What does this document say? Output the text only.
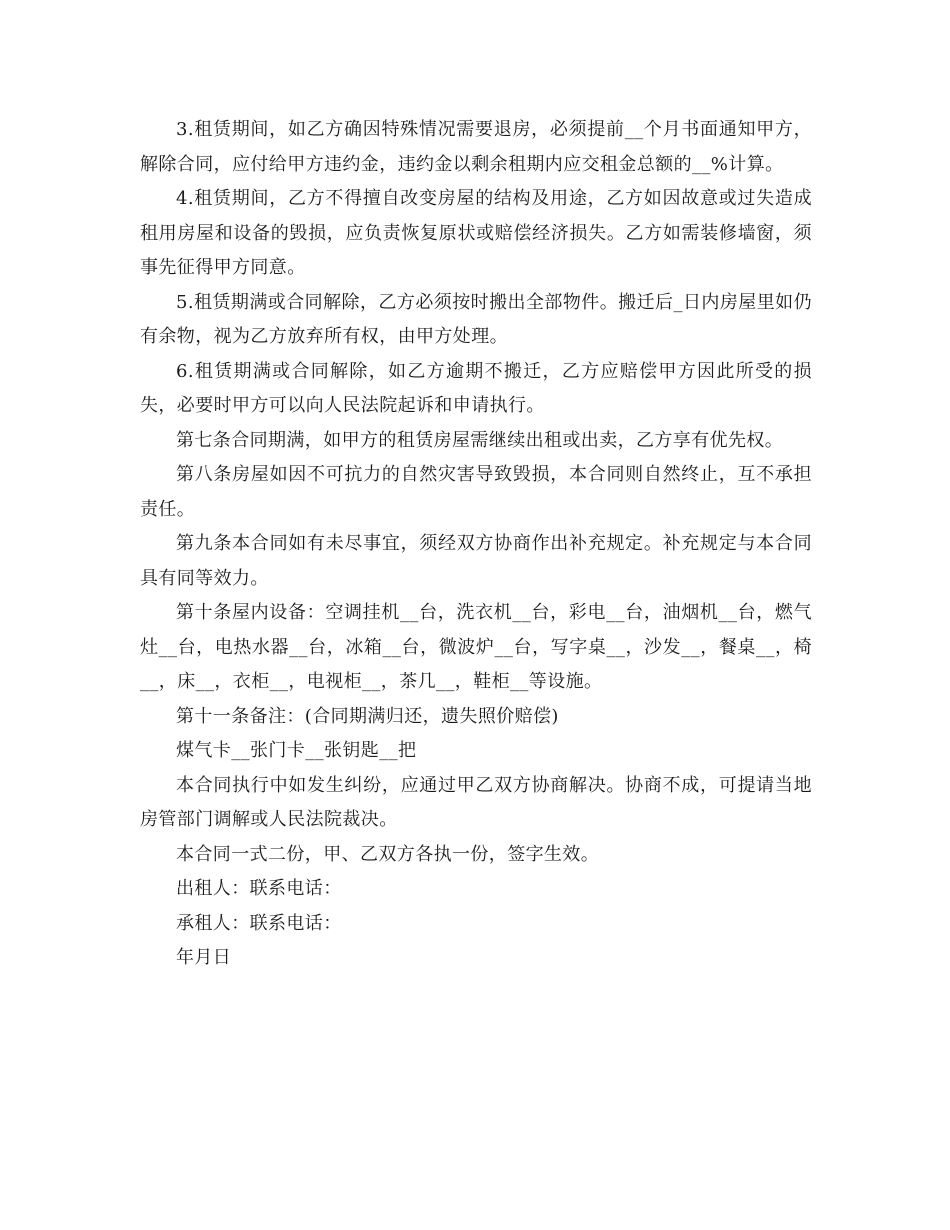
3.租赁期间，如乙方确因特殊情况需要退房，必须提前__个月书面通知甲方，解除合同，应付给甲方违约金，违约金以剩余租期内应交租金总额的__%计算。

4.租赁期间，乙方不得擅自改变房屋的结构及用途，乙方如因故意或过失造成租用房屋和设备的毁损，应负责恢复原状或赔偿经济损失。乙方如需装修墙窗，须事先征得甲方同意。

5.租赁期满或合同解除，乙方必须按时搬出全部物件。搬迁后_日内房屋里如仍有余物，视为乙方放弃所有权，由甲方处理。

6.租赁期满或合同解除，如乙方逾期不搬迁，乙方应赔偿甲方因此所受的损失，必要时甲方可以向人民法院起诉和申请执行。

第七条合同期满，如甲方的租赁房屋需继续出租或出卖，乙方享有优先权。

第八条房屋如因不可抗力的自然灾害导致毁损，本合同则自然终止，互不承担责任。

第九条本合同如有未尽事宜，须经双方协商作出补充规定。补充规定与本合同具有同等效力。

第十条屋内设备：空调挂机__台，洗衣机__台，彩电__台，油烟机__台，燃气灶__台，电热水器__台，冰箱__台，微波炉__台，写字桌__，沙发__，餐桌__，椅__，床__，衣柜__，电视柜__，茶几__，鞋柜__等设施。

第十一条备注：(合同期满归还，遗失照价赔偿)

煤气卡__张门卡__张钥匙__把

本合同执行中如发生纠纷，应通过甲乙双方协商解决。协商不成，可提请当地房管部门调解或人民法院裁决。

本合同一式二份，甲、乙双方各执一份，签字生效。

出租人：联系电话：

承租人：联系电话：

年月日
